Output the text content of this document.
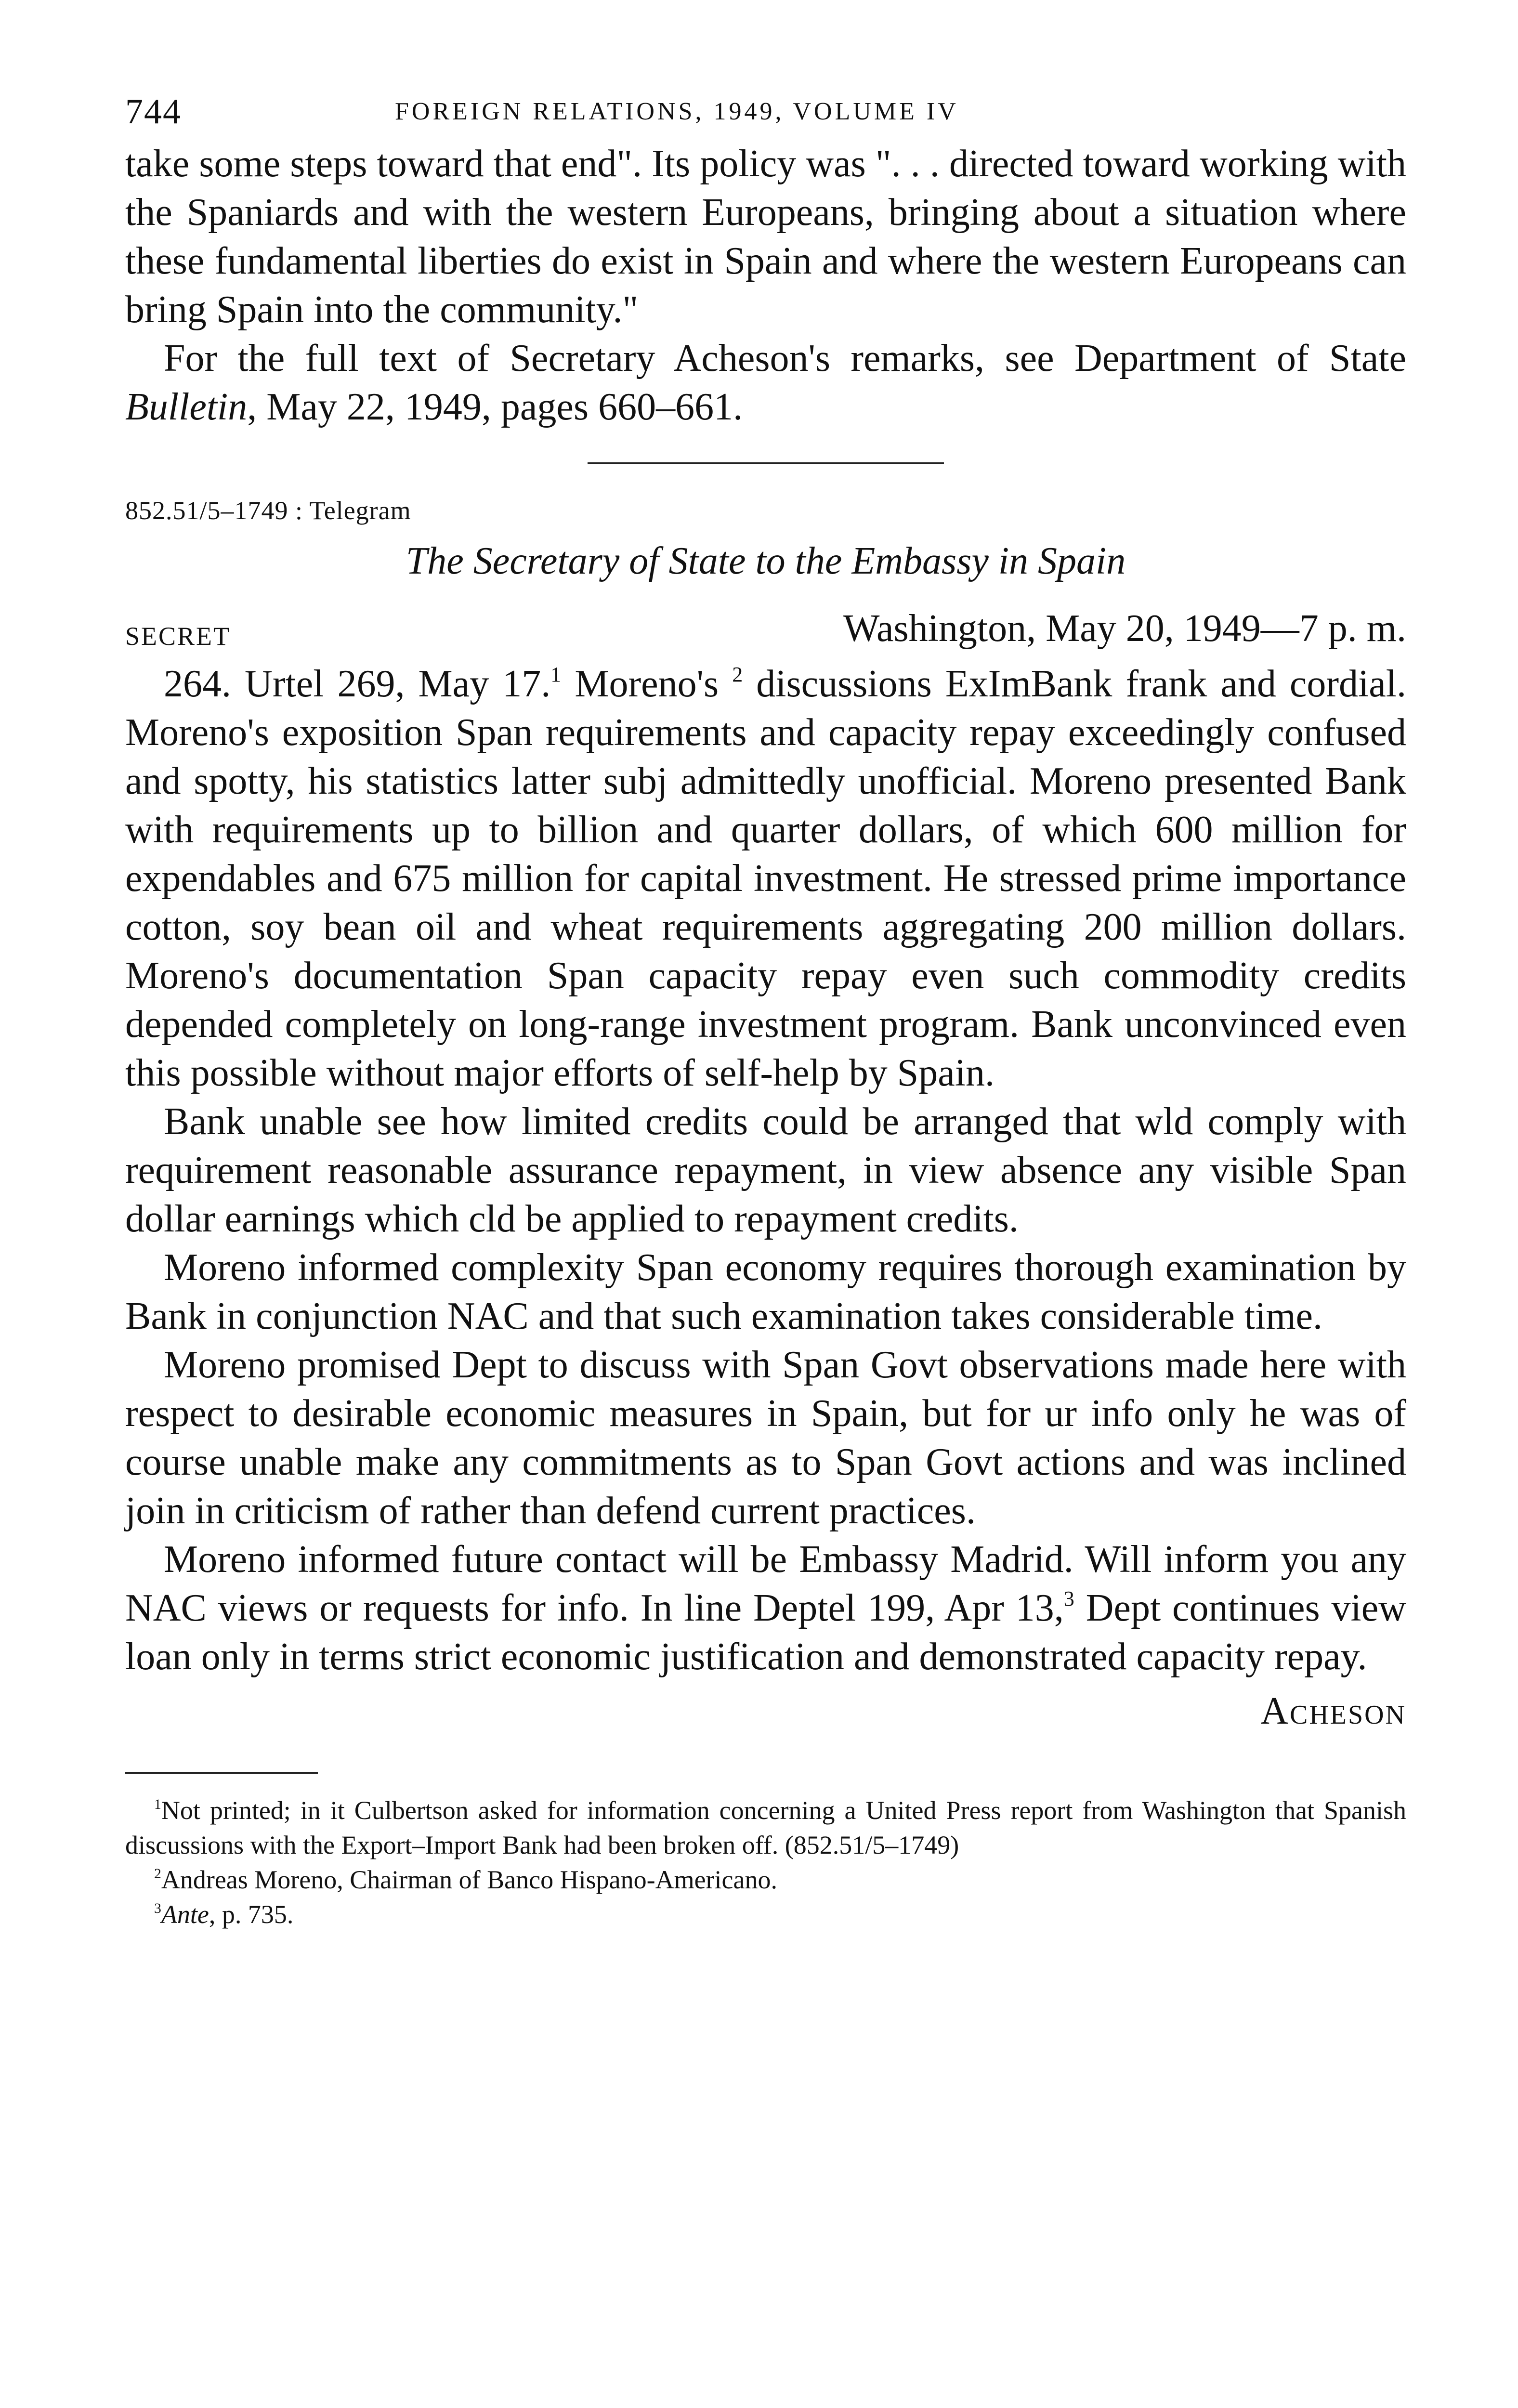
744	FOREIGN RELATIONS, 1949, VOLUME IV

take some steps toward that end". Its policy was ". . . directed toward working with the Spaniards and with the western Europeans, bringing about a situation where these fundamental liberties do exist in Spain and where the western Europeans can bring Spain into the community."

For the full text of Secretary Acheson's remarks, see Department of State Bulletin, May 22, 1949, pages 660–661.

852.51/5–1749 : Telegram
The Secretary of State to the Embassy in Spain
SECRET	Washington, May 20, 1949—7 p. m.

264. Urtel 269, May 17.$^1$ Moreno's $^2$ discussions ExImBank frank and cordial. Moreno's exposition Span requirements and capacity repay exceedingly confused and spotty, his statistics latter subj admittedly unofficial. Moreno presented Bank with requirements up to billion and quarter dollars, of which 600 million for expendables and 675 million for capital investment. He stressed prime importance cotton, soy bean oil and wheat requirements aggregating 200 million dollars. Moreno's documentation Span capacity repay even such commodity credits depended completely on long-range investment program. Bank unconvinced even this possible without major efforts of self-help by Spain.

Bank unable see how limited credits could be arranged that wld comply with requirement reasonable assurance repayment, in view absence any visible Span dollar earnings which cld be applied to repayment credits.

Moreno informed complexity Span economy requires thorough examination by Bank in conjunction NAC and that such examination takes considerable time.

Moreno promised Dept to discuss with Span Govt observations made here with respect to desirable economic measures in Spain, but for ur info only he was of course unable make any commitments as to Span Govt actions and was inclined join in criticism of rather than defend current practices.

Moreno informed future contact will be Embassy Madrid. Will inform you any NAC views or requests for info. In line Deptel 199, Apr 13,$^3$ Dept continues view loan only in terms strict economic justification and demonstrated capacity repay.

Acheson

$^1$Not printed; in it Culbertson asked for information concerning a United Press report from Washington that Spanish discussions with the Export–Import Bank had been broken off. (852.51/5–1749)

$^2$Andreas Moreno, Chairman of Banco Hispano-Americano.

$^3$Ante, p. 735.
